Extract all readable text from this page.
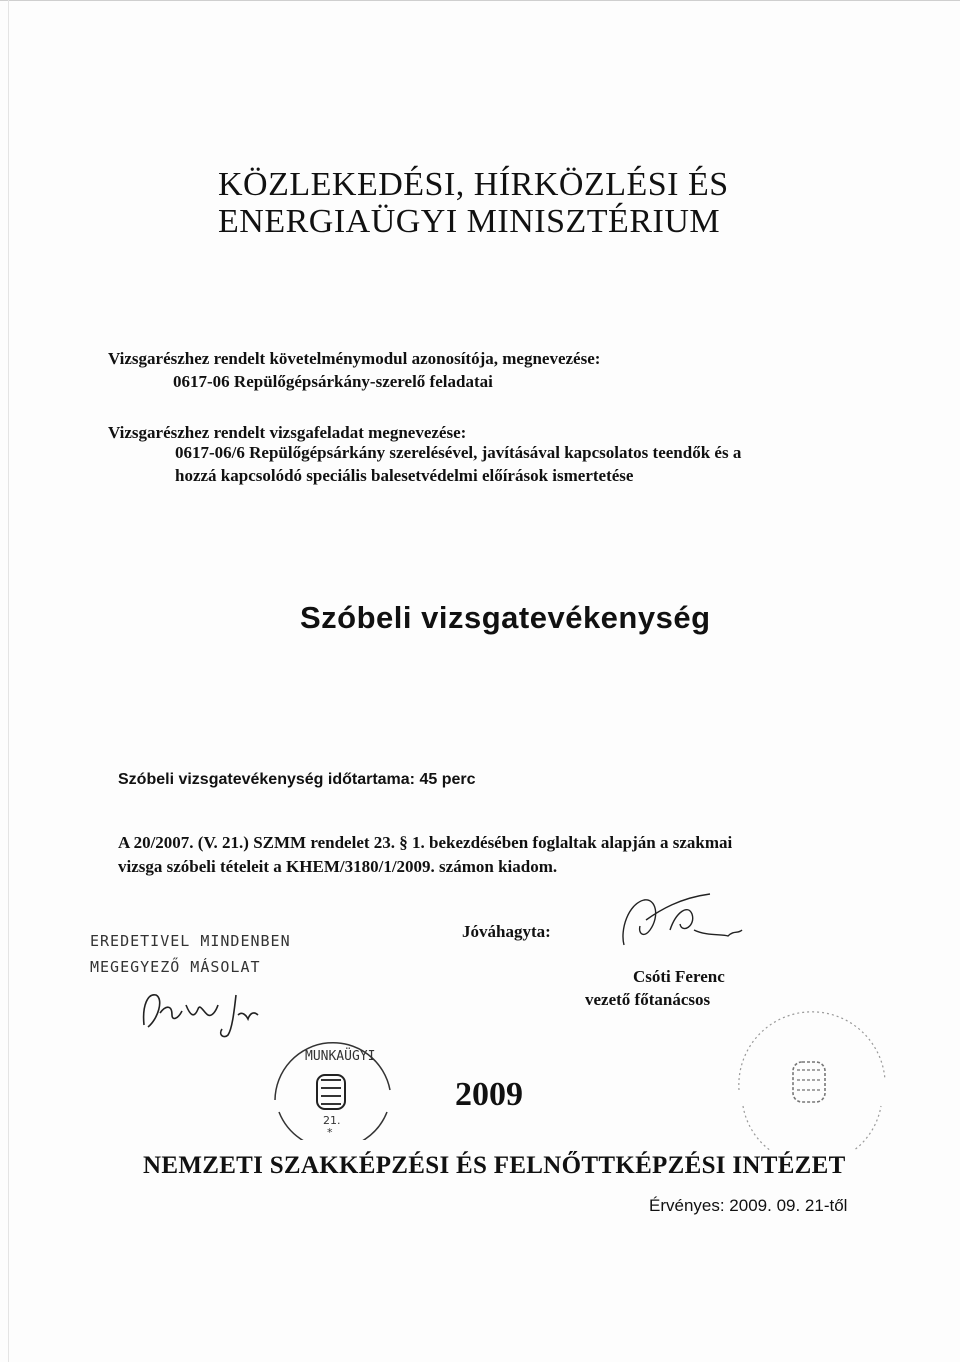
KÖZLEKEDÉSI, HÍRKÖZLÉSI ÉS
ENERGIAÜGYI MINISZTÉRIUM
Vizsgarészhez rendelt követelménymodul azonosítója, megnevezése:
0617-06 Repülőgépsárkány-szerelő feladatai
Vizsgarészhez rendelt vizsgafeladat megnevezése:
0617-06/6 Repülőgépsárkány szerelésével, javításával kapcsolatos teendők és a
hozzá kapcsolódó speciális balesetvédelmi előírások ismertetése
Szóbeli vizsgatevékenység
Szóbeli vizsgatevékenység időtartama: 45 perc
A 20/2007. (V. 21.) SZMM rendelet 23. § 1. bekezdésében foglaltak alapján a szakmai
vizsga szóbeli tételeit a KHEM/3180/1/2009. számon kiadom.
EREDETIVEL MINDENBEN
MEGEGYEZŐ MÁSOLAT
MUNKAÜGYI
21.
*
Jóváhagyta:
Csóti Ferenc
vezető főtanácsos
2009
NEMZETI SZAKKÉPZÉSI ÉS FELNŐTTKÉPZÉSI INTÉZET
Érvényes: 2009. 09. 21-től
